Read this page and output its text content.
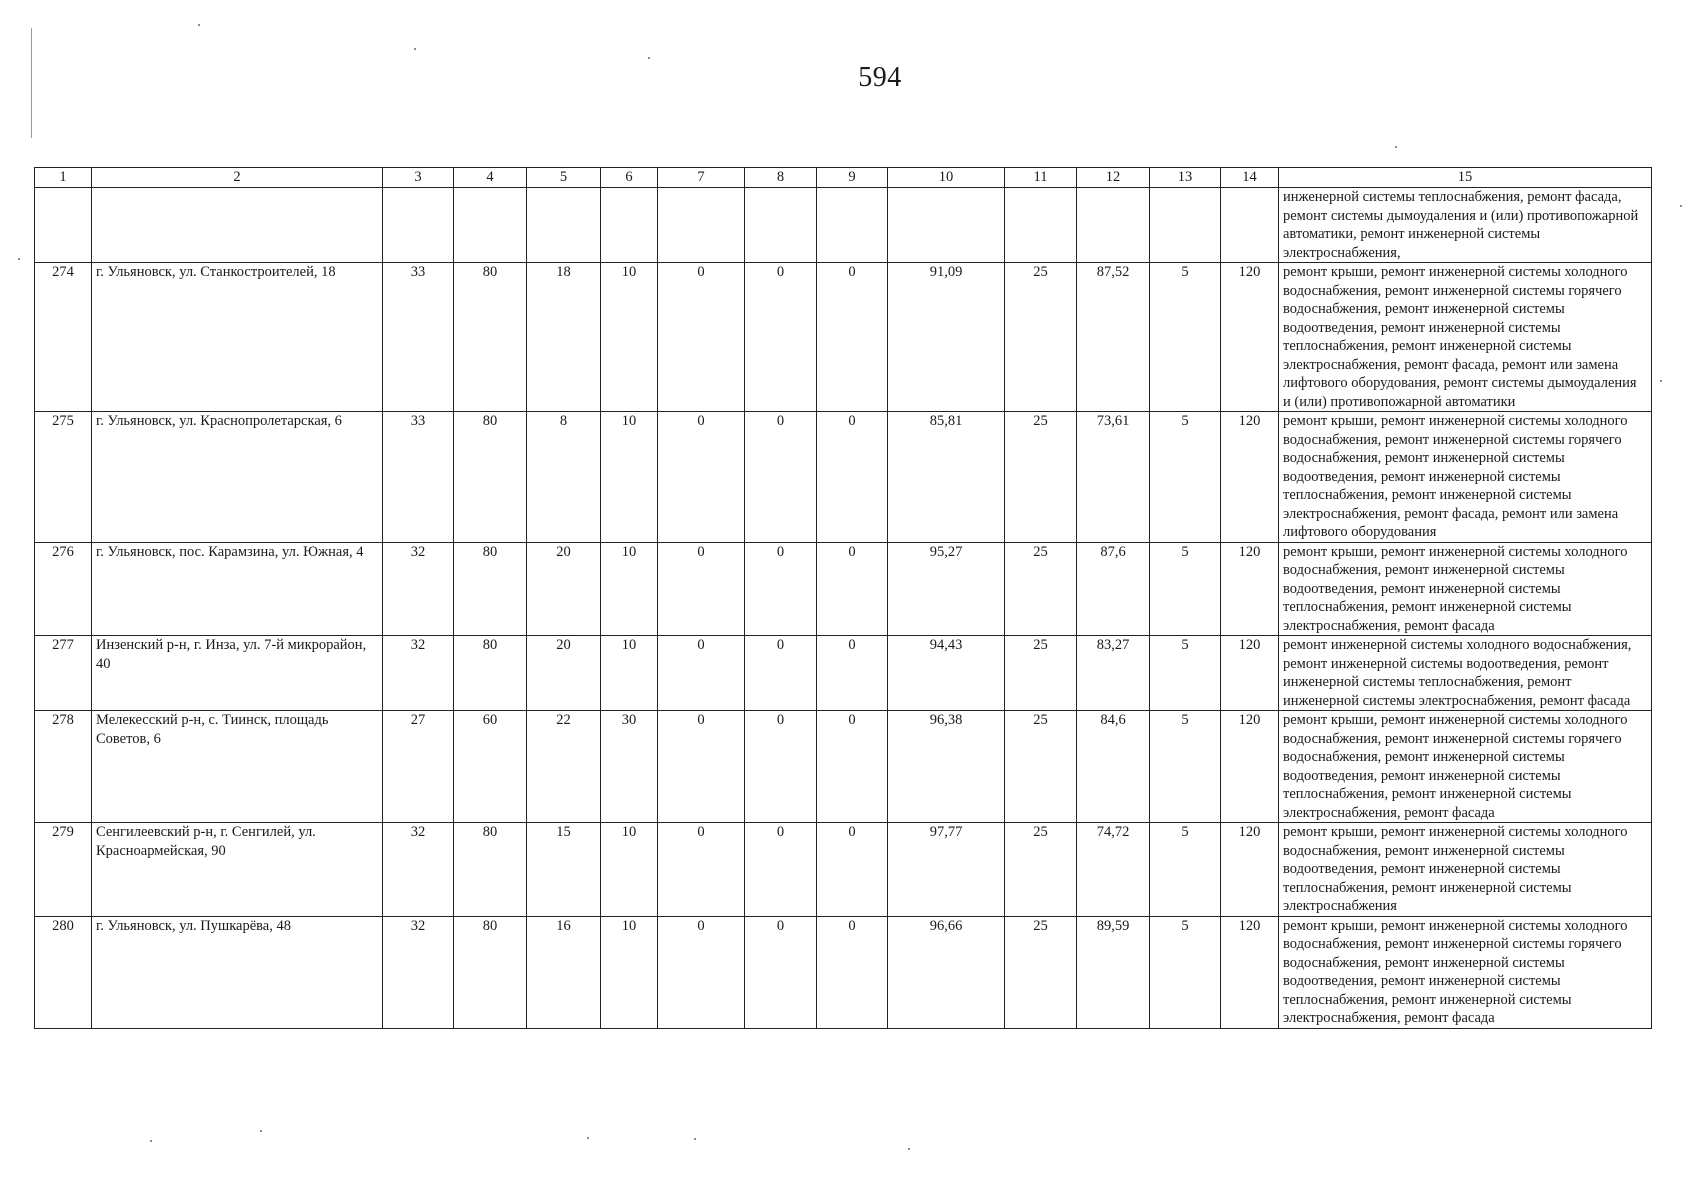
594
1	2	3	4	5	6	7	8	9	10	11	12	13	14	15
														инженерной системы теплоснабжения, ремонт фасада, ремонт системы дымоудаления и (или) противопожарной автоматики, ремонт инженерной системы электроснабжения,
274	г. Ульяновск, ул. Станкостроителей, 18	33	80	18	10	0	0	0	91,09	25	87,52	5	120	ремонт крыши, ремонт инженерной системы холодного водоснабжения, ремонт инженерной системы горячего водоснабжения, ремонт инженерной системы водоотведения, ремонт инженерной системы теплоснабжения, ремонт инженерной системы электроснабжения, ремонт фасада, ремонт или замена лифтового оборудования, ремонт системы дымоудаления и (или) противопожарной автоматики
275	г. Ульяновск, ул. Краснопролетарская, 6	33	80	8	10	0	0	0	85,81	25	73,61	5	120	ремонт крыши, ремонт инженерной системы холодного водоснабжения, ремонт инженерной системы горячего водоснабжения, ремонт инженерной системы водоотведения, ремонт инженерной системы теплоснабжения, ремонт инженерной системы электроснабжения, ремонт фасада, ремонт или замена лифтового оборудования
276	г. Ульяновск, пос. Карамзина, ул. Южная, 4	32	80	20	10	0	0	0	95,27	25	87,6	5	120	ремонт крыши, ремонт инженерной системы холодного водоснабжения, ремонт инженерной системы водоотведения, ремонт инженерной системы теплоснабжения, ремонт инженерной системы электроснабжения, ремонт фасада
277	Инзенский р-н, г. Инза, ул. 7-й микрорайон, 40	32	80	20	10	0	0	0	94,43	25	83,27	5	120	ремонт инженерной системы холодного водоснабжения, ремонт инженерной системы водоотведения, ремонт инженерной системы теплоснабжения, ремонт инженерной системы электроснабжения, ремонт фасада
278	Мелекесский р-н, с. Тиинск, площадь Советов, 6	27	60	22	30	0	0	0	96,38	25	84,6	5	120	ремонт крыши, ремонт инженерной системы холодного водоснабжения, ремонт инженерной системы горячего водоснабжения, ремонт инженерной системы водоотведения, ремонт инженерной системы теплоснабжения, ремонт инженерной системы электроснабжения, ремонт фасада
279	Сенгилеевский р-н, г. Сенгилей, ул. Красноармейская, 90	32	80	15	10	0	0	0	97,77	25	74,72	5	120	ремонт крыши, ремонт инженерной системы холодного водоснабжения, ремонт инженерной системы водоотведения, ремонт инженерной системы теплоснабжения, ремонт инженерной системы электроснабжения
280	г. Ульяновск, ул. Пушкарёва, 48	32	80	16	10	0	0	0	96,66	25	89,59	5	120	ремонт крыши, ремонт инженерной системы холодного водоснабжения, ремонт инженерной системы горячего водоснабжения, ремонт инженерной системы водоотведения, ремонт инженерной системы теплоснабжения, ремонт инженерной системы электроснабжения, ремонт фасада
